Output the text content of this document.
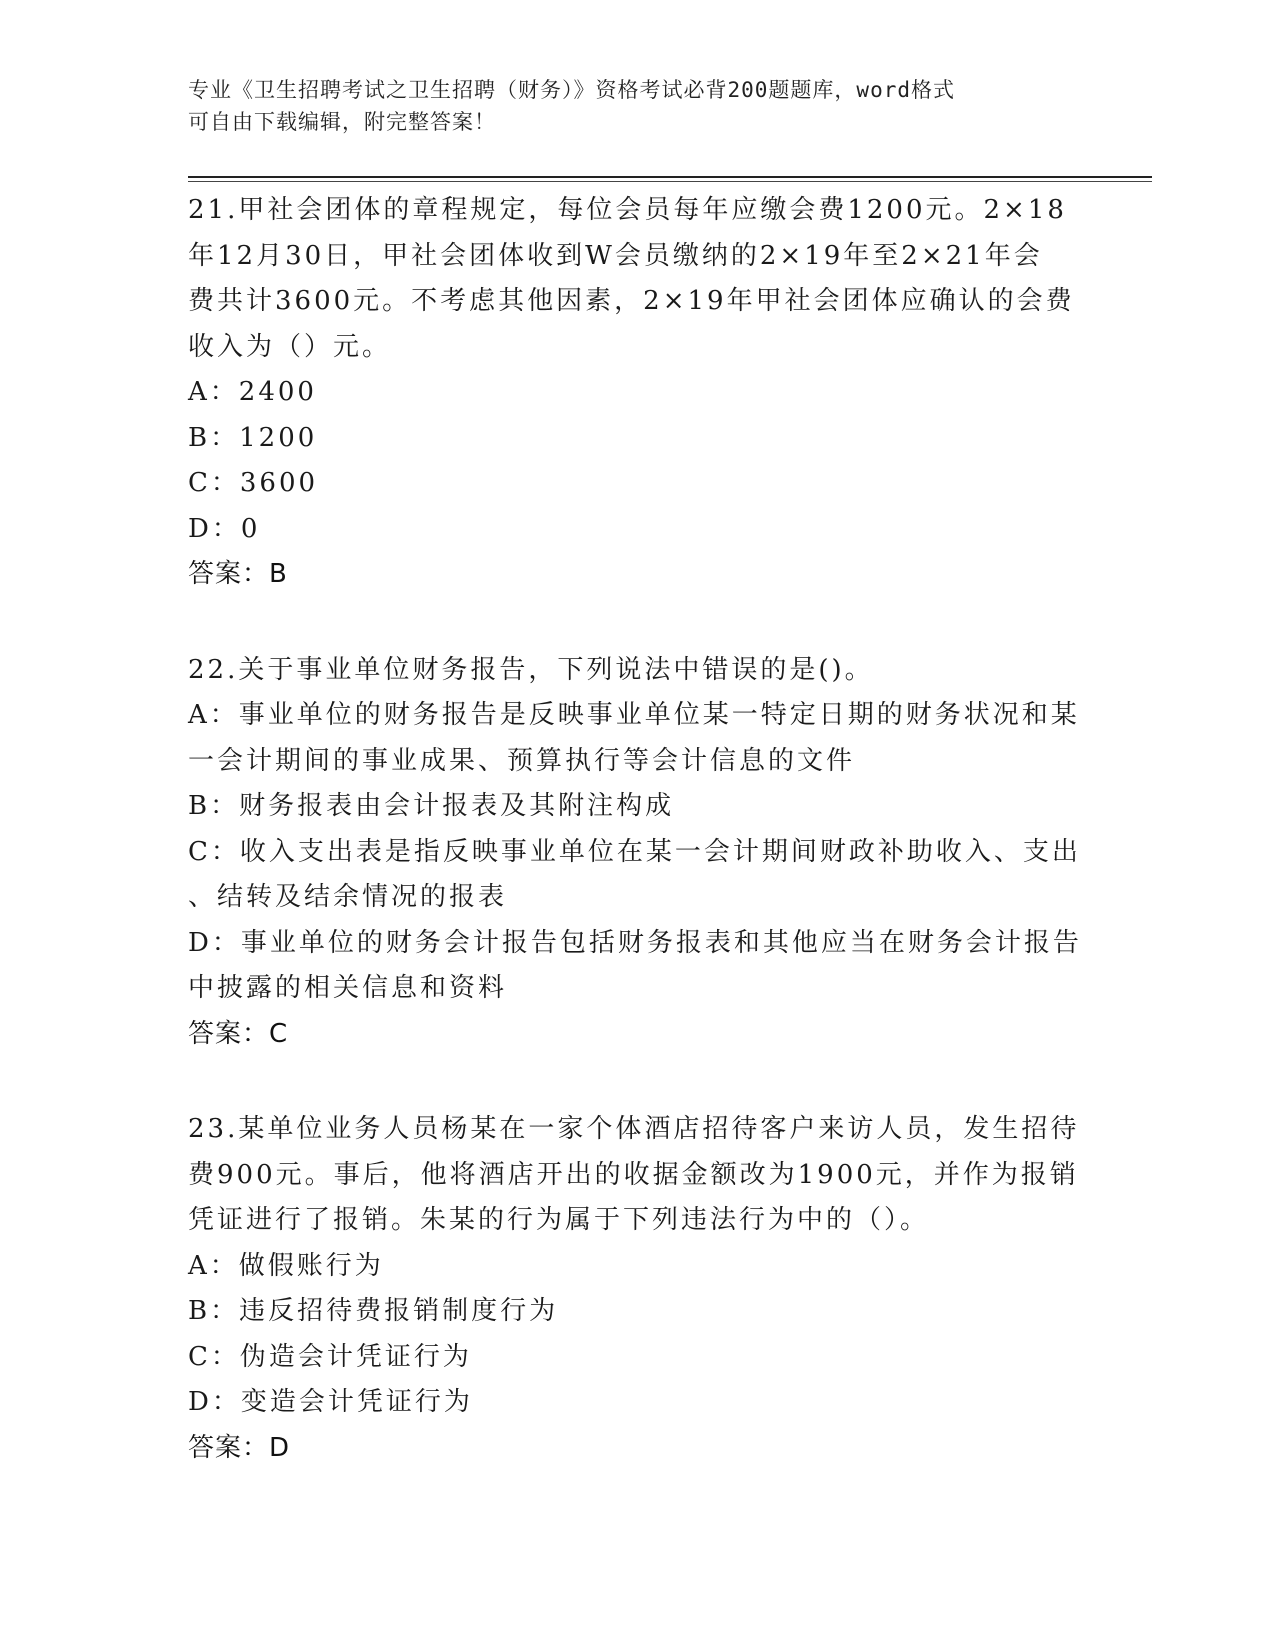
专业《卫生招聘考试之卫生招聘（财务）》资格考试必背200题题库，word格式
可自由下载编辑，附完整答案！
21.甲社会团体的章程规定，每位会员每年应缴会费1200元。2×18
年12月30日，甲社会团体收到W会员缴纳的2×19年至2×21年会
费共计3600元。不考虑其他因素，2×19年甲社会团体应确认的会费
收入为（）元。
A：2400
B：1200
C：3600
D：0
答案：B
22.关于事业单位财务报告，下列说法中错误的是()。
A：事业单位的财务报告是反映事业单位某一特定日期的财务状况和某
一会计期间的事业成果、预算执行等会计信息的文件
B：财务报表由会计报表及其附注构成
C：收入支出表是指反映事业单位在某一会计期间财政补助收入、支出
、结转及结余情况的报表
D：事业单位的财务会计报告包括财务报表和其他应当在财务会计报告
中披露的相关信息和资料
答案：C
23.某单位业务人员杨某在一家个体酒店招待客户来访人员，发生招待
费900元。事后，他将酒店开出的收据金额改为1900元，并作为报销
凭证进行了报销。朱某的行为属于下列违法行为中的（）。
A：做假账行为
B：违反招待费报销制度行为
C：伪造会计凭证行为
D：变造会计凭证行为
答案：D
